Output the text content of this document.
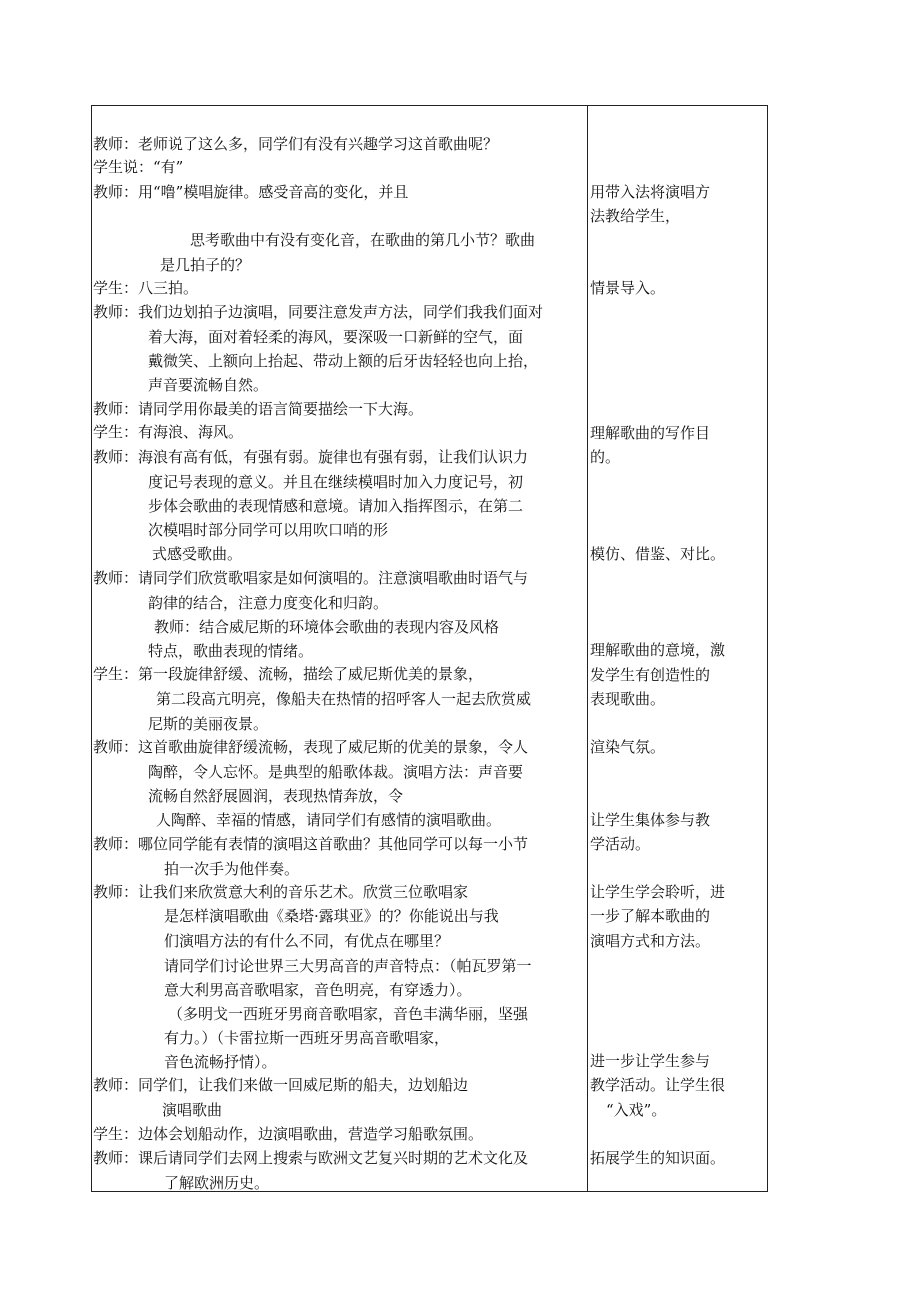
教师：老师说了这么多，同学们有没有兴趣学习这首歌曲呢？
学生说：“有”
教师：用“噜”模唱旋律。感受音高的变化，并且
思考歌曲中有没有变化音，在歌曲的第几小节？歌曲
是几拍子的？
学生：八三拍。
教师：我们边划拍子边演唱，同要注意发声方法，同学们我我们面对
着大海，面对着轻柔的海风，要深吸一口新鲜的空气，面
戴微笑、上额向上抬起、带动上额的后牙齿轻轻也向上抬，
声音要流畅自然。
教师：请同学用你最美的语言简要描绘一下大海。
学生：有海浪、海风。
教师：海浪有高有低，有强有弱。旋律也有强有弱，让我们认识力
度记号表现的意义。并且在继续模唱时加入力度记号，初
步体会歌曲的表现情感和意境。请加入指挥图示，在第二
次模唱时部分同学可以用吹口哨的形
式感受歌曲。
教师：请同学们欣赏歌唱家是如何演唱的。注意演唱歌曲时语气与
韵律的结合，注意力度变化和归韵。
教师：结合威尼斯的环境体会歌曲的表现内容及风格
特点，歌曲表现的情绪。
学生：第一段旋律舒缓、流畅，描绘了威尼斯优美的景象，
第二段高亢明亮，像船夫在热情的招呼客人一起去欣赏威
尼斯的美丽夜景。
教师：这首歌曲旋律舒缓流畅，表现了威尼斯的优美的景象，令人
陶醉，令人忘怀。是典型的船歌体裁。演唱方法：声音要
流畅自然舒展圆润，表现热情奔放，令
人陶醉、幸福的情感，请同学们有感情的演唱歌曲。
教师：哪位同学能有表情的演唱这首歌曲？其他同学可以每一小节
拍一次手为他伴奏。
教师：让我们来欣赏意大利的音乐艺术。欣赏三位歌唱家
是怎样演唱歌曲《桑塔·露琪亚》的？你能说出与我
们演唱方法的有什么不同，有优点在哪里？
请同学们讨论世界三大男高音的声音特点：（帕瓦罗第一
意大利男高音歌唱家，音色明亮，有穿透力）。
（多明戈一西班牙男商音歌唱家，音色丰满华丽，坚强
有力。）（卡雷拉斯一西班牙男高音歌唱家，
音色流畅抒情）。
教师：同学们，让我们来做一回威尼斯的船夫，边划船边
演唱歌曲
学生：边体会划船动作，边演唱歌曲，营造学习船歌氛围。
教师：课后请同学们去网上搜索与欧洲文艺复兴时期的艺术文化及
了解欧洲历史。
用带入法将演唱方
法教给学生，
情景导入。
理解歌曲的写作目
的。
模仿、借鉴、对比。
理解歌曲的意境，激
发学生有创造性的
表现歌曲。
渲染气氛。
让学生集体参与教
学活动。
让学生学会聆听，进
一步了解本歌曲的
演唱方式和方法。
进一步让学生参与
教学活动。让学生很
“入戏”。
拓展学生的知识面。
